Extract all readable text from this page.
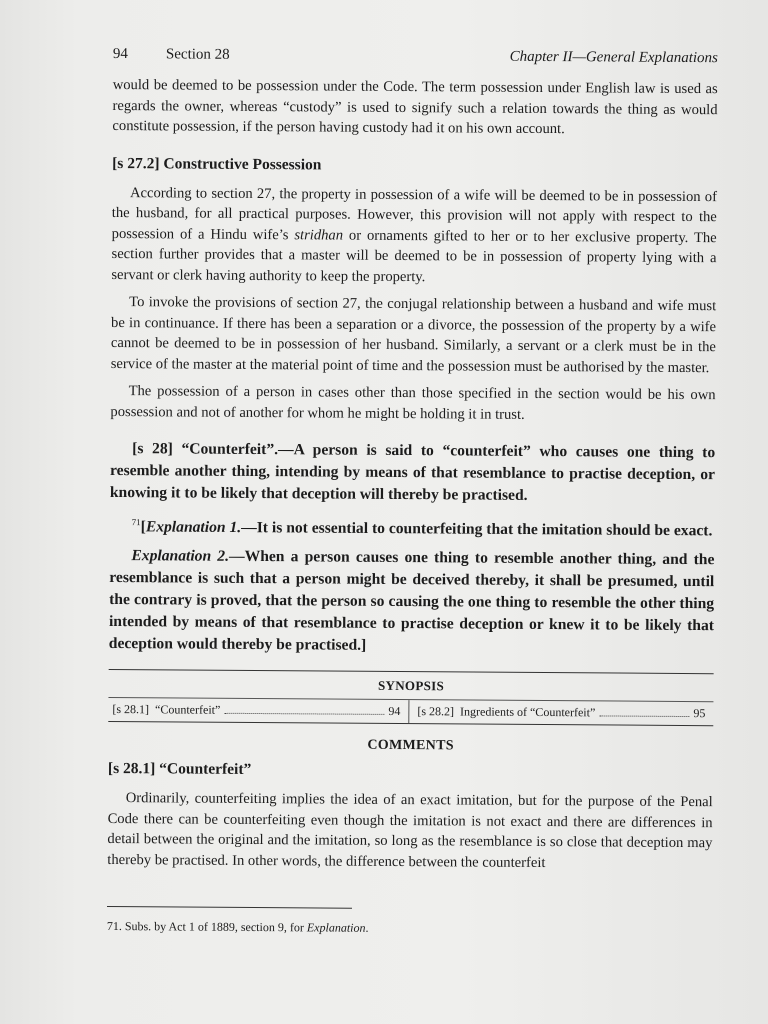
94	Section 28	Chapter II—General Explanations

would be deemed to be possession under the Code. The term possession under English law is used as regards the owner, whereas “custody” is used to signify such a relation towards the thing as would constitute possession, if the person having custody had it on his own account.

[s 27.2] Constructive Possession

According to section 27, the property in possession of a wife will be deemed to be in possession of the husband, for all practical purposes. However, this provision will not apply with respect to the possession of a Hindu wife’s stridhan or ornaments gifted to her or to her exclusive property. The section further provides that a master will be deemed to be in possession of property lying with a servant or clerk having authority to keep the property.

To invoke the provisions of section 27, the conjugal relationship between a husband and wife must be in continuance. If there has been a separation or a divorce, the possession of the property by a wife cannot be deemed to be in possession of her husband. Similarly, a servant or a clerk must be in the service of the master at the material point of time and the possession must be authorised by the master.

The possession of a person in cases other than those specified in the section would be his own possession and not of another for whom he might be holding it in trust.

[s 28] “Counterfeit”.—A person is said to “counterfeit” who causes one thing to resemble another thing, intending by means of that resemblance to practise deception, or knowing it to be likely that deception will thereby be practised.

$^{71}$[Explanation 1.—It is not essential to counterfeiting that the imitation should be exact.

Explanation 2.—When a person causes one thing to resemble another thing, and the resemblance is such that a person might be deceived thereby, it shall be presumed, until the contrary is proved, that the person so causing the one thing to resemble the other thing intended by means of that resemblance to practise deception or knew it to be likely that deception would thereby be practised.]

SYNOPSIS
[s 28.1] “Counterfeit”	94 [s 28.2] Ingredients of “Counterfeit”	95
COMMENTS
[s 28.1] “Counterfeit”

Ordinarily, counterfeiting implies the idea of an exact imitation, but for the purpose of the Penal Code there can be counterfeiting even though the imitation is not exact and there are differences in detail between the original and the imitation, so long as the resemblance is so close that deception may thereby be practised. In other words, the difference between the counterfeit

71. Subs. by Act 1 of 1889, section 9, for Explanation.
